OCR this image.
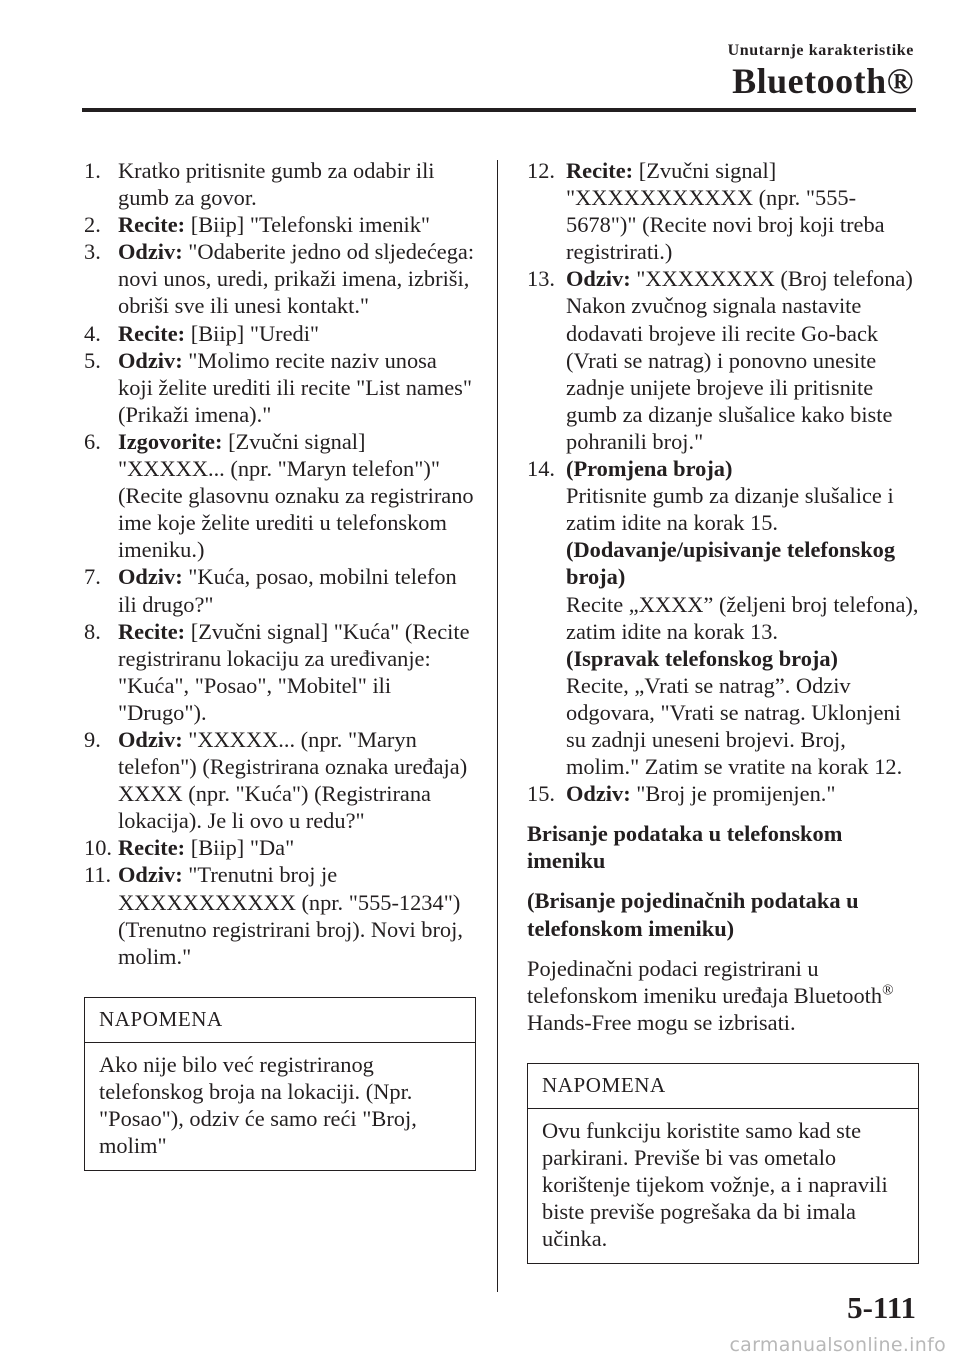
Unutarnje karakteristike
Bluetooth®
1. Kratko pritisnite gumb za odabir ili gumb za govor.
2. Recite: [Biip] "Telefonski imenik"
3. Odziv: "Odaberite jedno od sljedećega: novi unos, uredi, prikaži imena, izbriši, obriši sve ili unesi kontakt."
4. Recite: [Biip] "Uredi"
5. Odziv: "Molimo recite naziv unosa koji želite urediti ili recite "List names" (Prikaži imena)."
6. Izgovorite: [Zvučni signal] "XXXXX... (npr. "Maryn telefon")" (Recite glasovnu oznaku za registrirano ime koje želite urediti u telefonskom imeniku.)
7. Odziv: "Kuća, posao, mobilni telefon ili drugo?"
8. Recite: [Zvučni signal] "Kuća" (Recite registriranu lokaciju za uređivanje: "Kuća", "Posao", "Mobitel" ili "Drugo").
9. Odziv: "XXXXX... (npr. "Maryn telefon") (Registrirana oznaka uređaja) XXXX (npr. "Kuća") (Registrirana lokacija). Je li ovo u redu?"
10. Recite: [Biip] "Da"
11. Odziv: "Trenutni broj je XXXXXXXXXXX (npr. "555-1234") (Trenutno registrirani broj). Novi broj, molim."
NAPOMENA
Ako nije bilo već registriranog telefonskog broja na lokaciji. (Npr. "Posao"), odziv će samo reći "Broj, molim"
12. Recite: [Zvučni signal] "XXXXXXXXXXX (npr. "555-5678")" (Recite novi broj koji treba registrirati.)
13. Odziv: "XXXXXXXX (Broj telefona) Nakon zvučnog signala nastavite dodavati brojeve ili recite Go-back (Vrati se natrag) i ponovno unesite zadnje unijete brojeve ili pritisnite gumb za dizanje slušalice kako biste pohranili broj."
14. (Promjena broja)
Pritisnite gumb za dizanje slušalice i zatim idite na korak 15.
(Dodavanje/upisivanje telefonskog broja)
Recite „XXXX” (željeni broj telefona), zatim idite na korak 13.
(Ispravak telefonskog broja)
Recite, „Vrati se natrag”. Odziv odgovara, "Vrati se natrag. Uklonjeni su zadnji uneseni brojevi. Broj, molim." Zatim se vratite na korak 12.
15. Odziv: "Broj je promijenjen."
Brisanje podataka u telefonskom imeniku
(Brisanje pojedinačnih podataka u telefonskom imeniku)
Pojedinačni podaci registrirani u telefonskom imeniku uređaja Bluetooth® Hands-Free mogu se izbrisati.
NAPOMENA
Ovu funkciju koristite samo kad ste parkirani. Previše bi vas ometalo korištenje tijekom vožnje, a i napravili biste previše pogrešaka da bi imala učinka.
5-111
carmanualsonline.info
